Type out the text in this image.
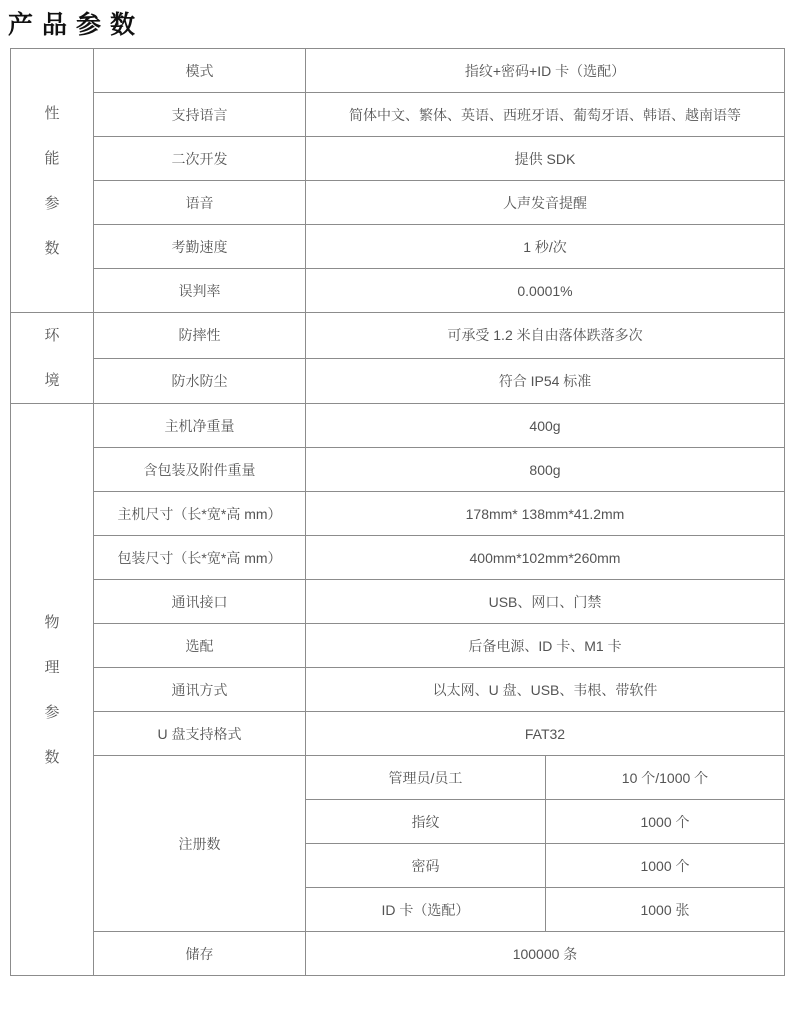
产品参数
性
能
参
数	模式	指纹+密码+ID 卡（选配）	
	支持语言	简体中文、繁体、英语、西班牙语、葡萄牙语、韩语、越南语等	
	二次开发	提供 SDK	
	语音	人声发音提醒	
	考勤速度	1 秒/次	
	误判率	0.0001%	

环
境	防摔性	可承受 1.2 米自由落体跌落多次	
	防水防尘	符合 IP54 标准	

物
理
参
数	主机净重量	400g	
	含包装及附件重量	800g	
	主机尺寸（长*宽*高 mm）	178mm* 138mm*41.2mm	
	包装尺寸（长*宽*高 mm）	400mm*102mm*260mm	
	通讯接口	USB、网口、门禁	
	选配	后备电源、ID 卡、M1 卡	
	通讯方式	以太网、U 盘、USB、韦根、带软件	
	U 盘支持格式	FAT32	
	注册数	管理员/员工	10 个/1000 个
		指纹	1000 个
		密码	1000 个
		ID 卡（选配）	1000 张
	储存	100000 条	
